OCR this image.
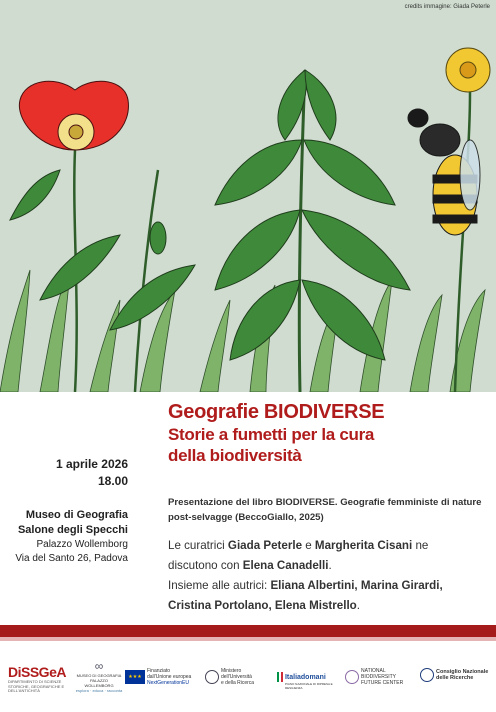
credits immagine: Giada Peterle
Geografie BIODIVERSE
Storie a fumetti per la cura
della biodiversità
1 aprile 2026
18.00
Museo di Geografia
Salone degli Specchi
Palazzo Wollemborg
Via del Santo 26, Padova
Presentazione del libro BIODIVERSE. Geografie femministe di nature
post-selvagge (BeccoGiallo, 2025)
Le curatrici Giada Peterle e Margherita Cisani ne
discutono con Elena Canadelli.
Insieme alle autrici: Eliana Albertini, Marina Girardi,
Cristina Portolano, Elena Mistrello.
DiSSGeA
DIPARTIMENTO DI SCIENZE STORICHE, GEOGRAFICHE E DELL'ANTICHITÀ
∞
MUSEO DI GEOGRAFIA
PALAZZO WOLLEMBORG
esplora · educa · racconta
★★★Finanziato
dall'Unione europea
NextGenerationEU
Ministero
dell'Università
e della Ricerca
Italiadomani
PIANO NAZIONALE DI RIPRESA E RESILIENZA
NATIONAL
BIODIVERSITY
FUTURE CENTER
Consiglio Nazionale
delle Ricerche
